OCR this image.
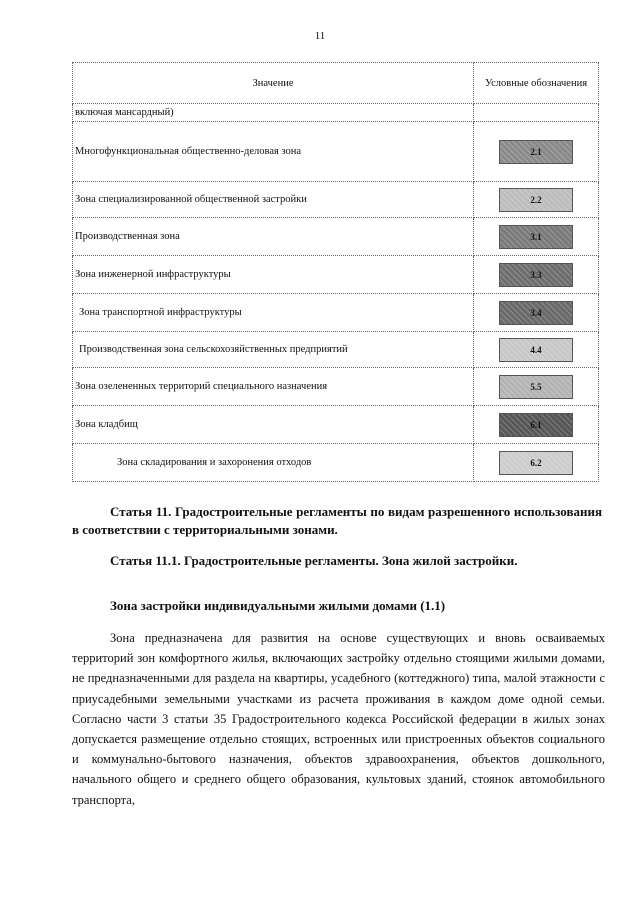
11
Значение	Условные обозначения
включая мансардный)	
Многофункциональная общественно-деловая зона	2.1
Зона специализированной общественной застройки	2.2
Производственная зона	3.1
Зона инженерной инфраструктуры	3.3
Зона транспортной инфраструктуры	3.4
Производственная зона сельскохозяйственных предприятий	4.4
Зона озелененных территорий специального назначения	5.5
Зона кладбищ	6.1
Зона складирования и захоронения отходов	6.2
Статья 11. Градостроительные регламенты по видам разрешенного использования в соответствии с территориальными зонами.
Статья 11.1. Градостроительные регламенты. Зона жилой застройки.
Зона застройки индивидуальными жилыми домами (1.1)
Зона предназначена для развития на основе существующих и вновь осваиваемых территорий зон комфортного жилья, включающих застройку отдельно стоящими жилыми домами, не предназначенными для раздела на квартиры, усадебного (коттеджного) типа, малой этажности с приусадебными земельными участками из расчета проживания в каждом доме одной семьи. Согласно части 3 статьи 35 Градостроительного кодекса Российской федерации в жилых зонах допускается размещение отдельно стоящих, встроенных или пристроенных объектов социального и коммунально-бытового назначения, объектов здравоохранения, объектов дошкольного, начального общего и среднего общего образования, культовых зданий, стоянок автомобильного транспорта,
